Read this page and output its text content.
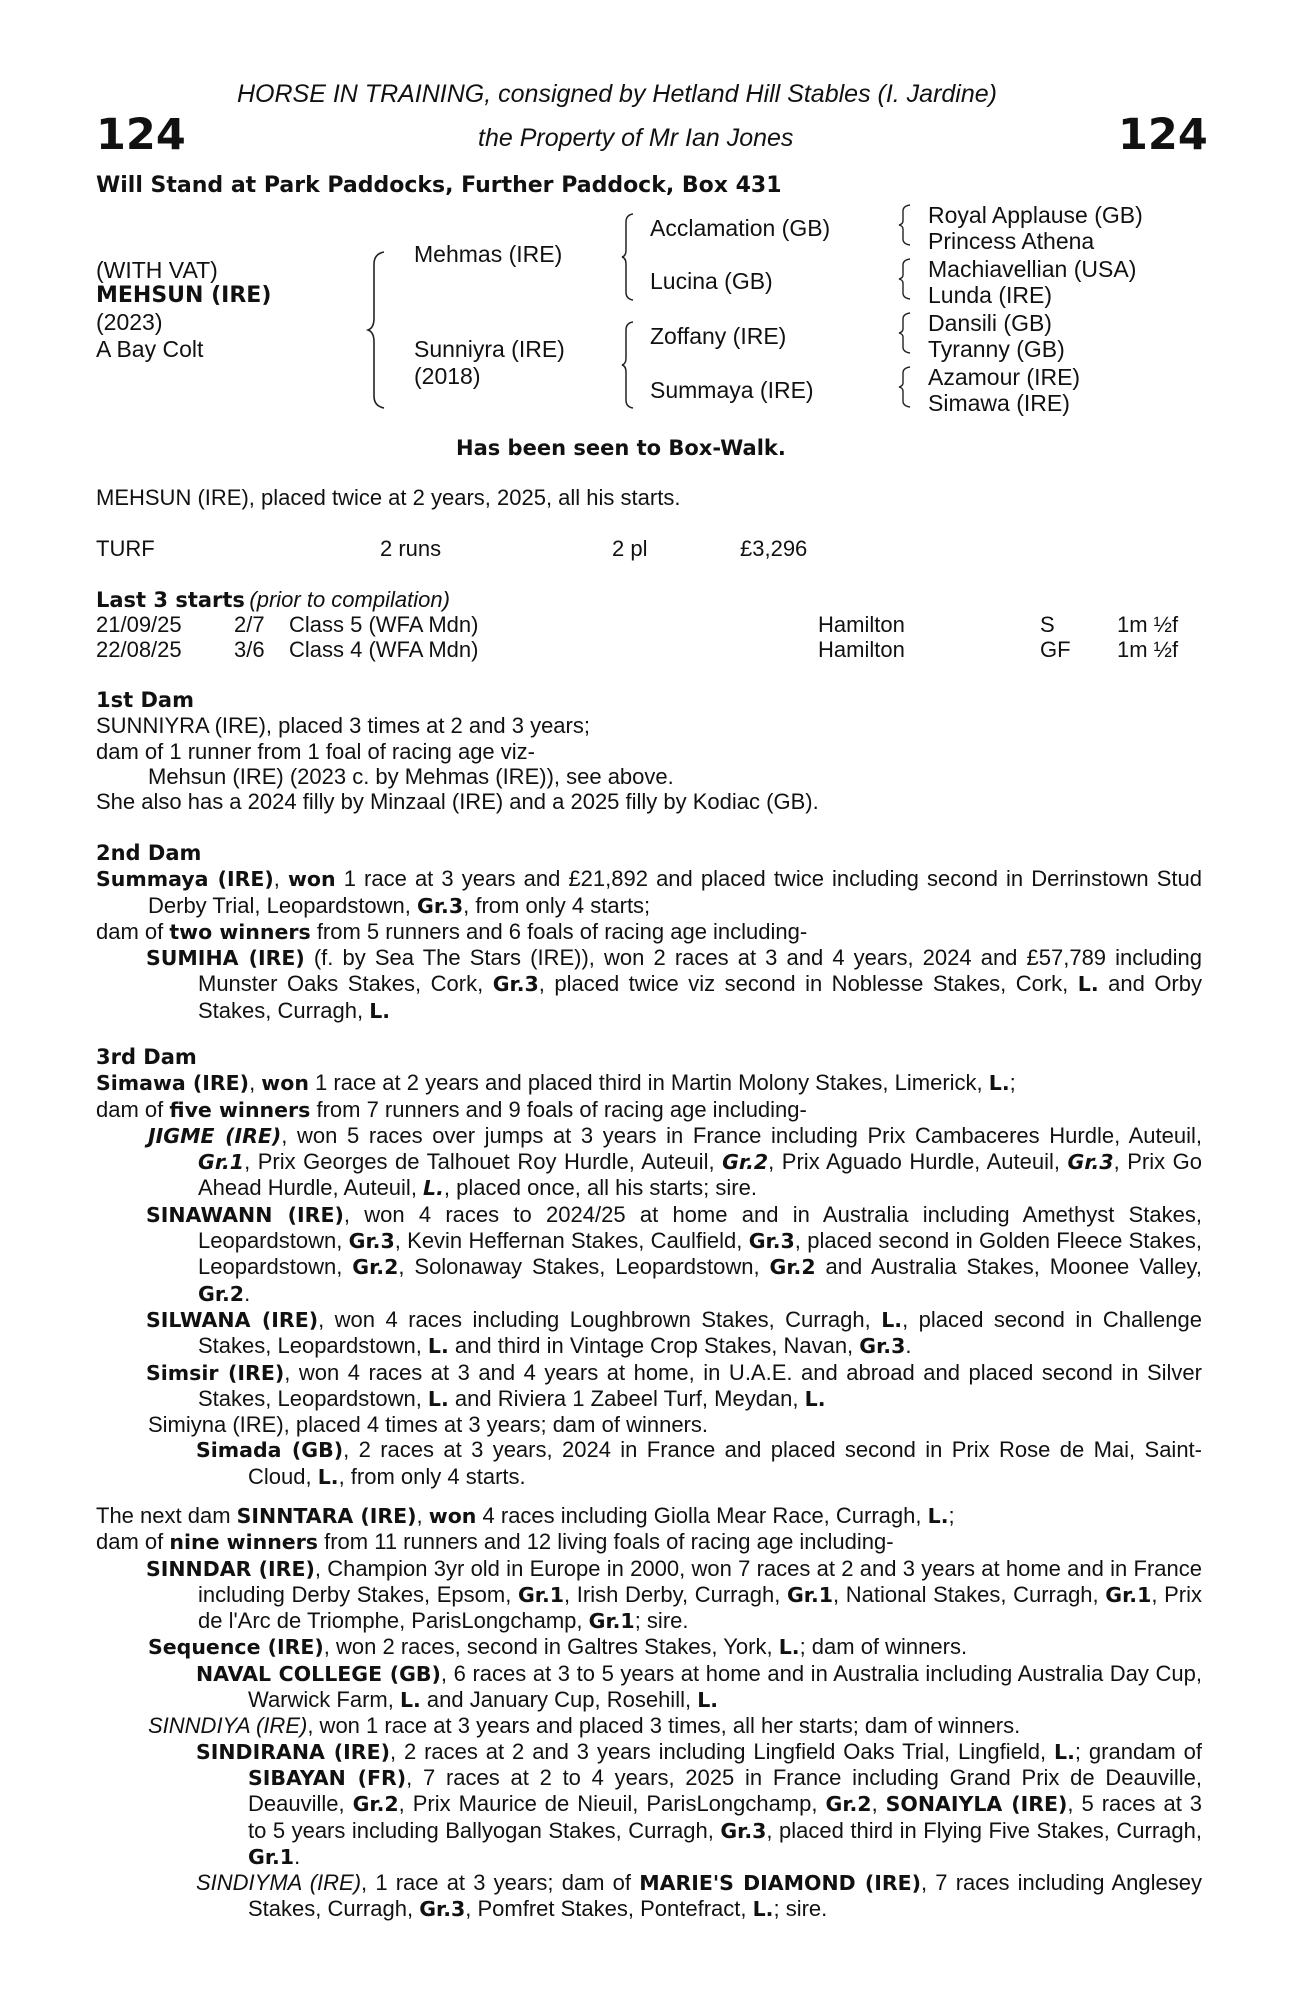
HORSE IN TRAINING, consigned by Hetland Hill Stables (I. Jardine)
124	the Property of Mr Ian Jones	124
Will Stand at Park Paddocks, Further Paddock, Box 431
(WITH VAT)
MEHSUN (IRE)
(2023)
A Bay Colt
Mehmas (IRE)
Sunniyra (IRE)
(2018)
Acclamation (GB)
Lucina (GB)
Zoffany (IRE)
Summaya (IRE)
Royal Applause (GB)
Princess Athena
Machiavellian (USA)
Lunda (IRE)
Dansili (GB)
Tyranny (GB)
Azamour (IRE)
Simawa (IRE)
Has been seen to Box-Walk.
MEHSUN (IRE), placed twice at 2 years, 2025, all his starts.
TURF	2 runs	2 pl	£3,296
Last 3 starts (prior to compilation)
21/09/25 2/7 Class 5 (WFA Mdn)	Hamilton	S	1m ½f
22/08/25 3/6 Class 4 (WFA Mdn)	Hamilton	GF 1m ½f

1st Dam

SUNNIYRA (IRE), placed 3 times at 2 and 3 years;

dam of 1 runner from 1 foal of racing age viz-

Mehsun (IRE) (2023 c. by Mehmas (IRE)), see above.

She also has a 2024 filly by Minzaal (IRE) and a 2025 filly by Kodiac (GB).

2nd Dam

Summaya (IRE), won 1 race at 3 years and £21,892 and placed twice including second in Derrinstown Stud Derby Trial, Leopardstown, Gr.3, from only 4 starts;

dam of two winners from 5 runners and 6 foals of racing age including-

SUMIHA (IRE) (f. by Sea The Stars (IRE)), won 2 races at 3 and 4 years, 2024 and £57,789 including Munster Oaks Stakes, Cork, Gr.3, placed twice viz second in Noblesse Stakes, Cork, L. and Orby Stakes, Curragh, L.

3rd Dam

Simawa (IRE), won 1 race at 2 years and placed third in Martin Molony Stakes, Limerick, L.;

dam of five winners from 7 runners and 9 foals of racing age including-

JIGME (IRE), won 5 races over jumps at 3 years in France including Prix Cambaceres Hurdle, Auteuil, Gr.1, Prix Georges de Talhouet Roy Hurdle, Auteuil, Gr.2, Prix Aguado Hurdle, Auteuil, Gr.3, Prix Go Ahead Hurdle, Auteuil, L., placed once, all his starts; sire.

SINAWANN (IRE), won 4 races to 2024/25 at home and in Australia including Amethyst Stakes, Leopardstown, Gr.3, Kevin Heffernan Stakes, Caulfield, Gr.3, placed second in Golden Fleece Stakes, Leopardstown, Gr.2, Solonaway Stakes, Leopardstown, Gr.2 and Australia Stakes, Moonee Valley, Gr.2.

SILWANA (IRE), won 4 races including Loughbrown Stakes, Curragh, L., placed second in Challenge Stakes, Leopardstown, L. and third in Vintage Crop Stakes, Navan, Gr.3.

Simsir (IRE), won 4 races at 3 and 4 years at home, in U.A.E. and abroad and placed second in Silver Stakes, Leopardstown, L. and Riviera 1 Zabeel Turf, Meydan, L.

Simiyna (IRE), placed 4 times at 3 years; dam of winners.

Simada (GB), 2 races at 3 years, 2024 in France and placed second in Prix Rose de Mai, Saint-Cloud, L., from only 4 starts.

The next dam SINNTARA (IRE), won 4 races including Giolla Mear Race, Curragh, L.;

dam of nine winners from 11 runners and 12 living foals of racing age including-

SINNDAR (IRE), Champion 3yr old in Europe in 2000, won 7 races at 2 and 3 years at home and in France including Derby Stakes, Epsom, Gr.1, Irish Derby, Curragh, Gr.1, National Stakes, Curragh, Gr.1, Prix de l'Arc de Triomphe, ParisLongchamp, Gr.1; sire.

Sequence (IRE), won 2 races, second in Galtres Stakes, York, L.; dam of winners.

NAVAL COLLEGE (GB), 6 races at 3 to 5 years at home and in Australia including Australia Day Cup, Warwick Farm, L. and January Cup, Rosehill, L.

SINNDIYA (IRE), won 1 race at 3 years and placed 3 times, all her starts; dam of winners.

SINDIRANA (IRE), 2 races at 2 and 3 years including Lingfield Oaks Trial, Lingfield, L.; grandam of SIBAYAN (FR), 7 races at 2 to 4 years, 2025 in France including Grand Prix de Deauville, Deauville, Gr.2, Prix Maurice de Nieuil, ParisLongchamp, Gr.2, SONAIYLA (IRE), 5 races at 3 to 5 years including Ballyogan Stakes, Curragh, Gr.3, placed third in Flying Five Stakes, Curragh, Gr.1.

SINDIYMA (IRE), 1 race at 3 years; dam of MARIE'S DIAMOND (IRE), 7 races including Anglesey Stakes, Curragh, Gr.3, Pomfret Stakes, Pontefract, L.; sire.
